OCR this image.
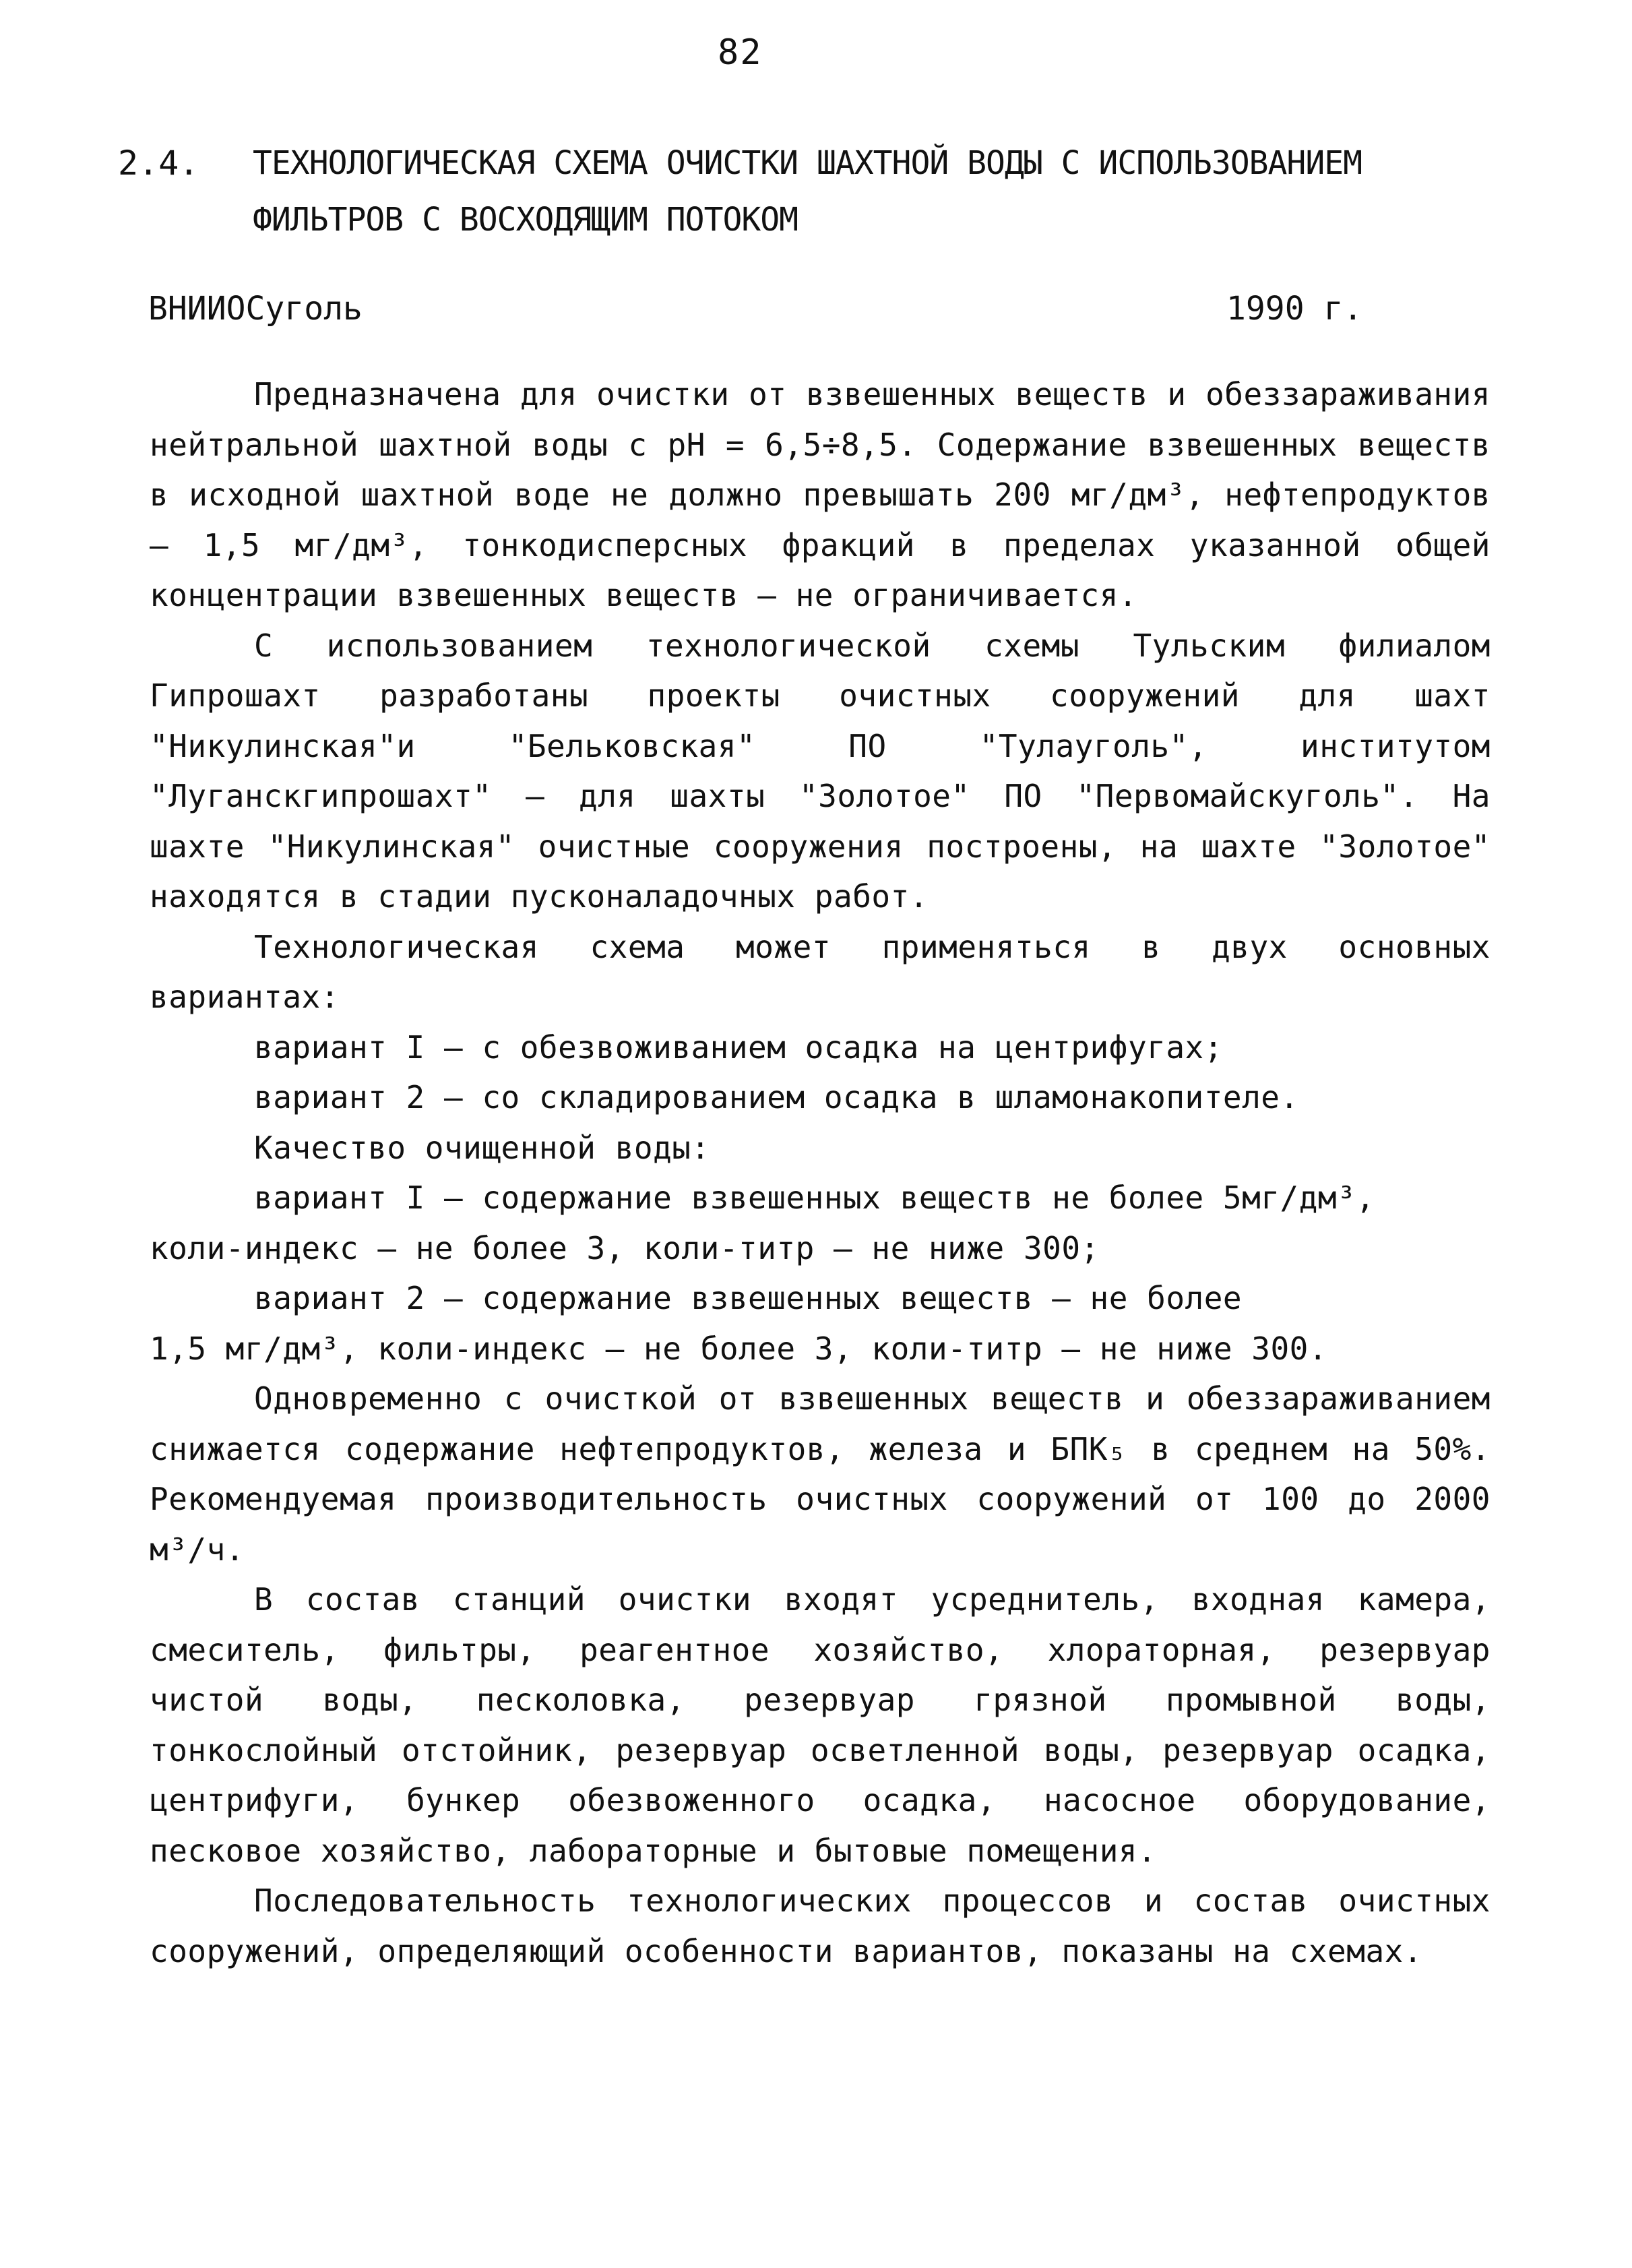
82
2.4. ТЕХНОЛОГИЧЕСКАЯ СХЕМА ОЧИСТКИ ШАХТНОЙ ВОДЫ С ИСПОЛЬЗОВАНИЕМ ФИЛЬТРОВ С ВОСХОДЯЩИМ ПОТОКОМ
ВНИИОСуголь	1990 г.

Предназначена для очистки от взвешенных веществ и обеззараживания нейтральной шахтной воды с pH = 6,5÷8,5. Содержание взвешенных веществ в исходной шахтной воде не должно превышать 200 мг/дм³, нефтепродуктов – 1,5 мг/дм³, тонкодисперсных фракций в пределах указанной общей концентрации взвешенных веществ – не ограничивается.

С использованием технологической схемы Тульским филиалом Гипрошахт разработаны проекты очистных сооружений для шахт "Никулинская"и "Бельковская" ПО "Тулауголь", институтом "Луганскгипрошахт" – для шахты "Золотое" ПО "Первомайскуголь". На шахте "Никулинская" очистные сооружения построены, на шахте "Золотое" находятся в стадии пусконаладочных работ.

Технологическая схема может применяться в двух основных вариантах:

вариант I – с обезвоживанием осадка на центрифугах;

вариант 2 – со складированием осадка в шламонакопителе.

Качество очищенной воды:

вариант I – содержание взвешенных веществ не более 5мг/дм³,

коли-индекс – не более 3, коли-титр – не ниже 300;

вариант 2 – содержание взвешенных веществ – не более

1,5 мг/дм³, коли-индекс – не более 3, коли-титр – не ниже 300.

Одновременно с очисткой от взвешенных веществ и обеззараживанием снижается содержание нефтепродуктов, железа и БПК₅ в среднем на 50%. Рекомендуемая производительность очистных сооружений от 100 до 2000 м³/ч.

В состав станций очистки входят усреднитель, входная камера, смеситель, фильтры, реагентное хозяйство, хлораторная, резервуар чистой воды, песколовка, резервуар грязной промывной воды, тонкослойный отстойник, резервуар осветленной воды, резервуар осадка, центрифуги, бункер обезвоженного осадка, насосное оборудование, песковое хозяйство, лабораторные и бытовые помещения.

Последовательность технологических процессов и состав очистных сооружений, определяющий особенности вариантов, показаны на схемах.
